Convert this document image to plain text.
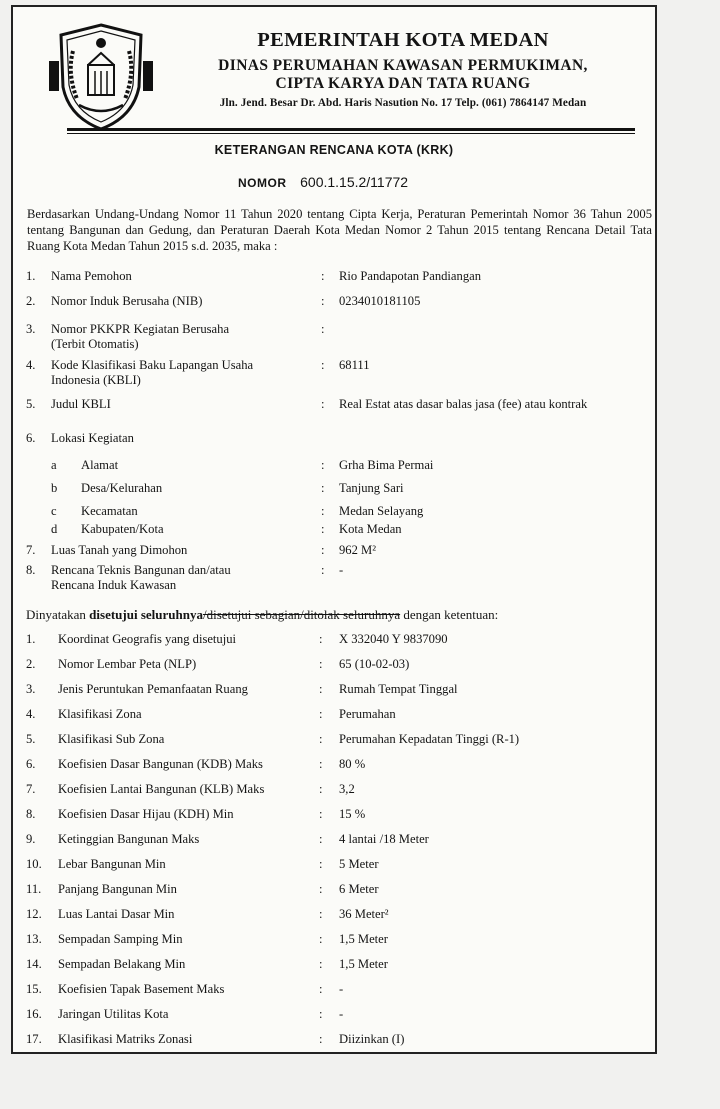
PEMERINTAH KOTA MEDAN
DINAS PERUMAHAN KAWASAN PERMUKIMAN,
CIPTA KARYA DAN TATA RUANG
Jln. Jend. Besar Dr. Abd. Haris Nasution No. 17 Telp. (061) 7864147 Medan
KETERANGAN RENCANA KOTA (KRK)
NOMOR 600.1.15.2/11772
Berdasarkan Undang-Undang Nomor 11 Tahun 2020 tentang Cipta Kerja, Peraturan Pemerintah Nomor 36 Tahun 2005 tentang Bangunan dan Gedung, dan Peraturan Daerah Kota Medan Nomor 2 Tahun 2015 tentang Rencana Detail Tata Ruang Kota Medan Tahun 2015 s.d. 2035, maka :
1.	Nama Pemohon	: Rio Pandapotan Pandiangan
2.	Nomor Induk Berusaha (NIB)	: 0234010181105
3.	Nomor PKKPR Kegiatan Berusaha (Terbit Otomatis)
:
4.	Kode Klasifikasi Baku Lapangan Usaha Indonesia (KBLI)
: 68111
5.	Judul KBLI	: Real Estat atas dasar balas jasa (fee) atau kontrak
6.	Lokasi Kegiatan
a Alamat	: Grha Bima Permai
b Desa/Kelurahan	: Tanjung Sari
c Kecamatan	: Medan Selayang
d Kabupaten/Kota	: Kota Medan
7.	Luas Tanah yang Dimohon	: 962 M²
8.	Rencana Teknis Bangunan dan/atau Rencana Induk Kawasan
: -
Dinyatakan disetujui seluruhnya/disetujui sebagian/ditolak seluruhnya dengan ketentuan:
1.	Koordinat Geografis yang disetujui	: X 332040 Y 9837090
2.	Nomor Lembar Peta (NLP)	: 65 (10-02-03)
3.	Jenis Peruntukan Pemanfaatan Ruang	: Rumah Tempat Tinggal
4.	Klasifikasi Zona	: Perumahan
5.	Klasifikasi Sub Zona	: Perumahan Kepadatan Tinggi (R-1)
6.	Koefisien Dasar Bangunan (KDB) Maks	: 80 %
7.	Koefisien Lantai Bangunan (KLB) Maks	: 3,2
8.	Koefisien Dasar Hijau (KDH) Min	: 15 %
9.	Ketinggian Bangunan Maks	: 4 lantai /18 Meter
10.	Lebar Bangunan Min	: 5 Meter
11.	Panjang Bangunan Min	: 6 Meter
12.	Luas Lantai Dasar Min	: 36 Meter²
13.	Sempadan Samping Min	: 1,5 Meter
14.	Sempadan Belakang Min	: 1,5 Meter
15.	Koefisien Tapak Basement Maks	: -
16.	Jaringan Utilitas Kota	: -
17.	Klasifikasi Matriks Zonasi	: Diizinkan (I)
